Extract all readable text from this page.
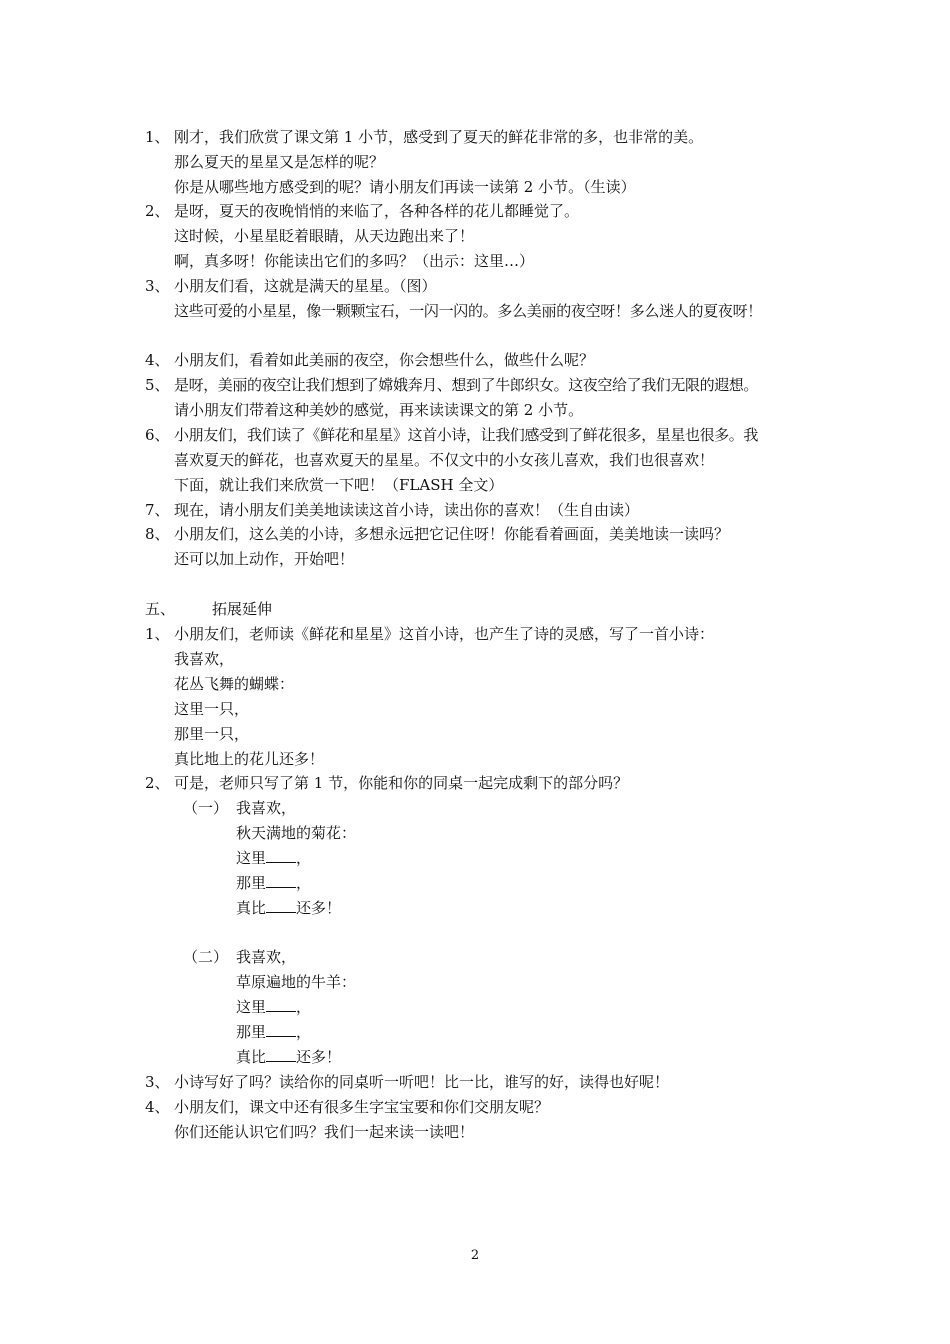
1、 刚才，我们欣赏了课文第 1 小节，感受到了夏天的鲜花非常的多，也非常的美。
那么夏天的星星又是怎样的呢？
你是从哪些地方感受到的呢？请小朋友们再读一读第 2 小节。（生读）
2、 是呀，夏天的夜晚悄悄的来临了，各种各样的花儿都睡觉了。
这时候，小星星眨着眼睛，从天边跑出来了！
啊，真多呀！你能读出它们的多吗？（出示：这里…）
3、 小朋友们看，这就是满天的星星。（图）
这些可爱的小星星，像一颗颗宝石，一闪一闪的。多么美丽的夜空呀！多么迷人的夏夜呀！
4、 小朋友们，看着如此美丽的夜空，你会想些什么，做些什么呢？
5、 是呀，美丽的夜空让我们想到了嫦娥奔月、想到了牛郎织女。这夜空给了我们无限的遐想。
请小朋友们带着这种美妙的感觉，再来读读课文的第 2 小节。
6、 小朋友们，我们读了《鲜花和星星》这首小诗，让我们感受到了鲜花很多，星星也很多。我
喜欢夏天的鲜花，也喜欢夏天的星星。不仅文中的小女孩儿喜欢，我们也很喜欢！
下面，就让我们来欣赏一下吧！（FLASH 全文）
7、 现在，请小朋友们美美地读读这首小诗，读出你的喜欢！（生自由读）
8、 小朋友们，这么美的小诗，多想永远把它记住呀！你能看着画面，美美地读一读吗？
还可以加上动作，开始吧！
五、 拓展延伸
1、 小朋友们，老师读《鲜花和星星》这首小诗，也产生了诗的灵感，写了一首小诗：
我喜欢，
花丛飞舞的蝴蝶：
这里一只，
那里一只，
真比地上的花儿还多！
2、 可是，老师只写了第 1 节，你能和你的同桌一起完成剩下的部分吗？
（一） 我喜欢，
秋天满地的菊花：
这里 ，
那里 ，
真比 还多！
（二） 我喜欢，
草原遍地的牛羊：
这里 ，
那里 ，
真比 还多！
3、 小诗写好了吗？读给你的同桌听一听吧！比一比，谁写的好，读得也好呢！
4、 小朋友们，课文中还有很多生字宝宝要和你们交朋友呢？
你们还能认识它们吗？我们一起来读一读吧！
2
